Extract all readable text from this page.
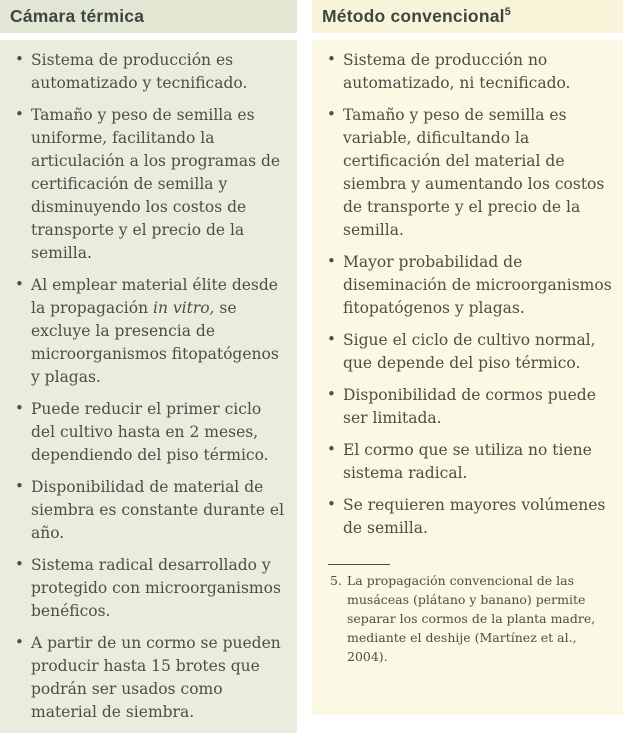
Cámara térmica
• Sistema de producción es automatizado y tecnificado.
• Tamaño y peso de semilla es uniforme, facilitando la articulación a los programas de certificación de semilla y disminuyendo los costos de transporte y el precio de la semilla.
• Al emplear material élite desde la propagación in vitro, se excluye la presencia de microorganismos fitopatógenos y plagas.
• Puede reducir el primer ciclo del cultivo hasta en 2 meses, dependiendo del piso térmico.
• Disponibilidad de material de siembra es constante durante el año.
• Sistema radical desarrollado y protegido con microorganismos benéficos.
• A partir de un cormo se pueden producir hasta 15 brotes que podrán ser usados como material de siembra.
Método convencional$^5$
• Sistema de producción no automatizado, ni tecnificado.
• Tamaño y peso de semilla es variable, dificultando la certificación del material de siembra y aumentando los costos de transporte y el precio de la semilla.
• Mayor probabilidad de diseminación de microorganismos fitopatógenos y plagas.
• Sigue el ciclo de cultivo normal, que depende del piso térmico.
• Disponibilidad de cormos puede ser limitada.
• El cormo que se utiliza no tiene sistema radical.
• Se requieren mayores volúmenes de semilla.
5. La propagación convencional de las musáceas (plátano y banano) permite separar los cormos de la planta madre, mediante el deshije (Martínez et al., 2004).
